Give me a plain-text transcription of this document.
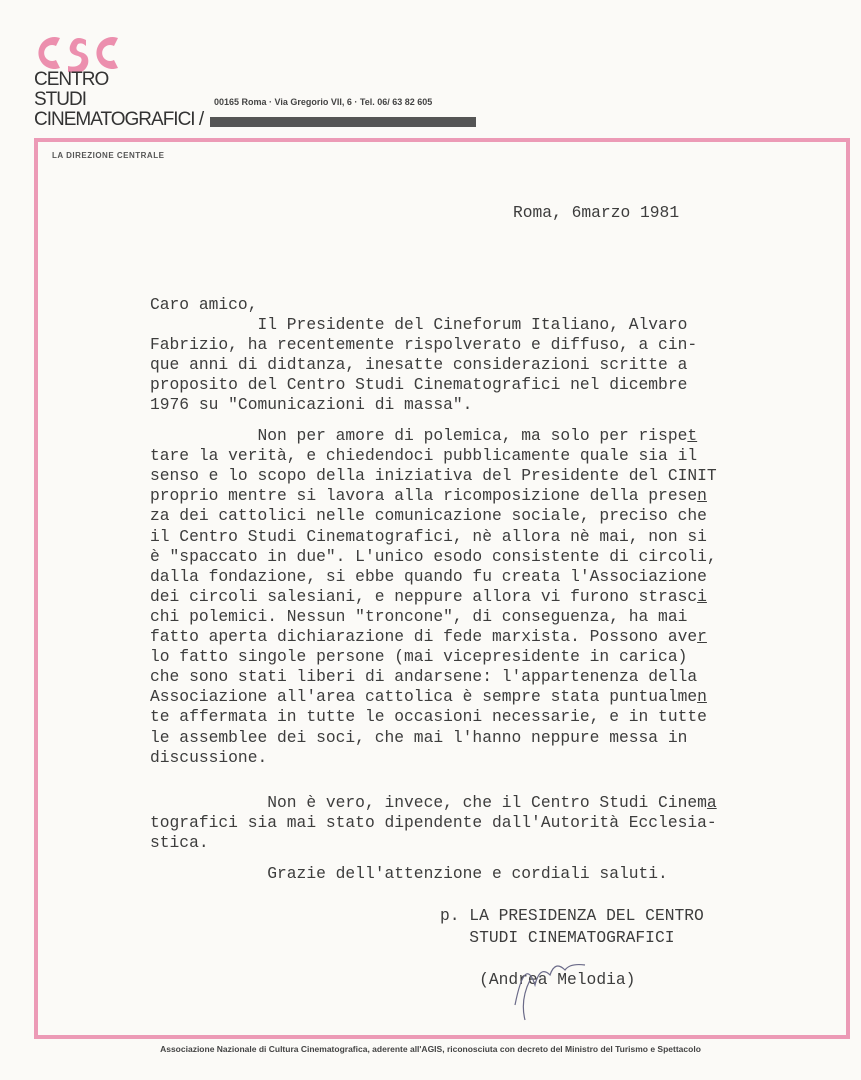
CENTRO
STUDI
CINEMATOGRAFICI /
00165 Roma · Via Gregorio VII, 6 · Tel. 06/ 63 82 605
LA DIREZIONE CENTRALE
Roma, 6marzo 1981
Caro amico,
Il Presidente del Cineforum Italiano, Alvaro
Fabrizio, ha recentemente rispolverato e diffuso, a cin-
que anni di didtanza, inesatte considerazioni scritte a
proposito del Centro Studi Cinematografici nel dicembre
1976 su "Comunicazioni di massa".
Non per amore di polemica, ma solo per rispet
tare la verità, e chiedendoci pubblicamente quale sia il
senso e lo scopo della iniziativa del Presidente del CINIT
proprio mentre si lavora alla ricomposizione della presen
za dei cattolici nelle comunicazione sociale, preciso che
il Centro Studi Cinematografici, nè allora nè mai, non si
è "spaccato in due". L'unico esodo consistente di circoli,
dalla fondazione, si ebbe quando fu creata l'Associazione
dei circoli salesiani, e neppure allora vi furono strasci
chi polemici. Nessun "troncone", di conseguenza, ha mai
fatto aperta dichiarazione di fede marxista. Possono aver
lo fatto singole persone (mai vicepresidente in carica)
che sono stati liberi di andarsene: l'appartenenza della
Associazione all'area cattolica è sempre stata puntualmen
te affermata in tutte le occasioni necessarie, e in tutte
le assemblee dei soci, che mai l'hanno neppure messa in
discussione.
Non è vero, invece, che il Centro Studi Cinema
tografici sia mai stato dipendente dall'Autorità Ecclesia-
stica.
Grazie dell'attenzione e cordiali saluti.
p. LA PRESIDENZA DEL CENTRO
STUDI CINEMATOGRAFICI
(Andrea Melodia)
Associazione Nazionale di Cultura Cinematografica, aderente all'AGIS, riconosciuta con decreto del Ministro del Turismo e Spettacolo
